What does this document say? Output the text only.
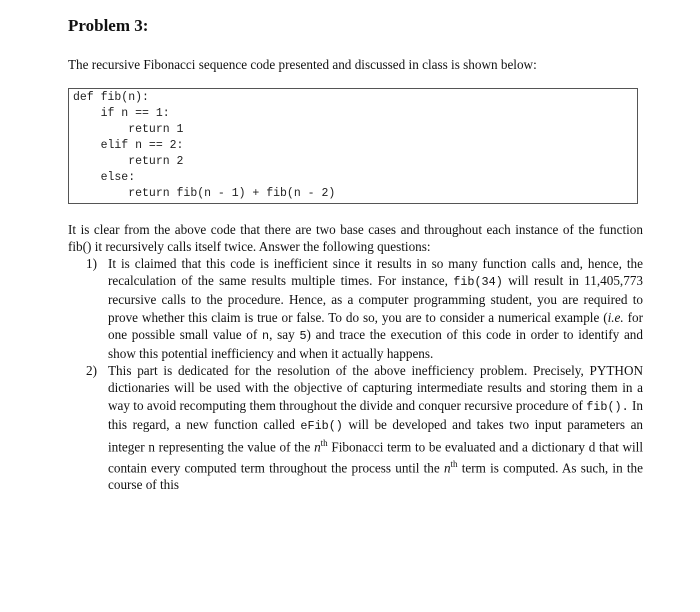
Problem 3:
The recursive Fibonacci sequence code presented and discussed in class is shown below:
def fib(n):
if n == 1:
return 1
elif n == 2:
return 2
else:
return fib(n - 1) + fib(n - 2)
It is clear from the above code that there are two base cases and throughout each instance of the function fib() it recursively calls itself twice. Answer the following questions:
1) It is claimed that this code is inefficient since it results in so many function calls and, hence, the recalculation of the same results multiple times. For instance, fib(34) will result in 11,405,773 recursive calls to the procedure. Hence, as a computer programming student, you are required to prove whether this claim is true or false. To do so, you are to consider a numerical example (i.e. for one possible small value of n, say 5) and trace the execution of this code in order to identify and show this potential inefficiency and when it actually happens.
2) This part is dedicated for the resolution of the above inefficiency problem. Precisely, PYTHON dictionaries will be used with the objective of capturing intermediate results and storing them in a way to avoid recomputing them throughout the divide and conquer recursive procedure of fib(). In this regard, a new function called eFib() will be developed and takes two input parameters an integer n representing the value of the $n^{th}$ Fibonacci term to be evaluated and a dictionary d that will contain every computed term throughout the process until the $n^{th}$ term is computed. As such, in the course of this
